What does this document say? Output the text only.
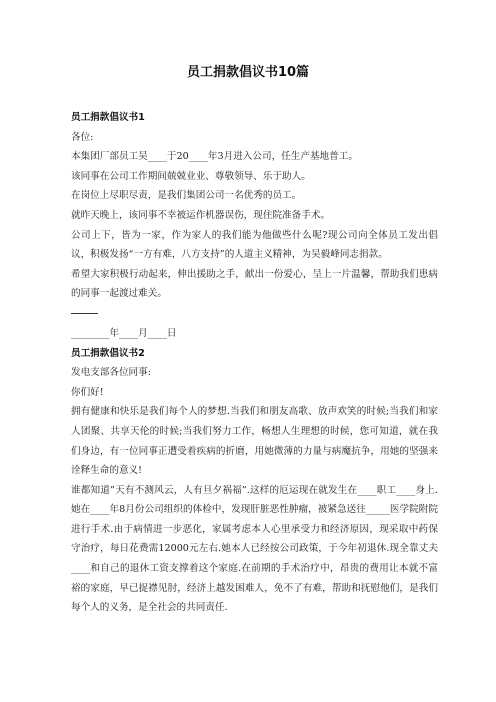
员工捐款倡议书10篇

员工捐款倡议书1

各位:

本集团厂部员工吴____于20____年3月进入公司，任生产基地普工。

该同事在公司工作期间兢兢业业、尊敬领导、乐于助人。

在岗位上尽职尽责，是我们集团公司一名优秀的员工。

就昨天晚上，该同事不幸被运作机器误伤，现住院准备手术。

公司上下，皆为一家，作为家人的我们能为他做些什么呢?现公司向全体员工发出倡议，积极发扬“一方有难，八方支持”的人道主义精神，为吴毅峰同志捐款。

希望大家积极行动起来，伸出援助之手，献出一份爱心，呈上一片温馨，帮助我们患病的同事一起渡过难关。

________年____月____日

员工捐款倡议书2

发电支部各位同事:

你们好!

拥有健康和快乐是我们每个人的梦想.当我们和朋友高歌、放声欢笑的时候;当我们和家人团聚、共享天伦的时候;当我们努力工作，畅想人生理想的时候，您可知道，就在我们身边，有一位同事正遭受着疾病的折磨，用她微薄的力量与病魔抗争，用她的坚强来诠释生命的意义!

谁都知道”天有不测风云，人有旦夕祸福”.这样的厄运现在就发生在____职工____身上.她在____年8月份公司组织的体检中，发现肝脏恶性肿瘤，被紧急送往_____医学院附院进行手术.由于病情进一步恶化，家属考虑本人心里承受力和经济原因，现采取中药保守治疗，每日花费需12000元左右.她本人已经按公司政策，于今年初退休.现全靠丈夫____和自己的退休工资支撑着这个家庭.在前期的手术治疗中，昂贵的费用让本就不富裕的家庭，早已捉襟见肘，经济上越发困难人，免不了有难，帮助和抚慰他们，是我们每个人的义务，是全社会的共同责任.
